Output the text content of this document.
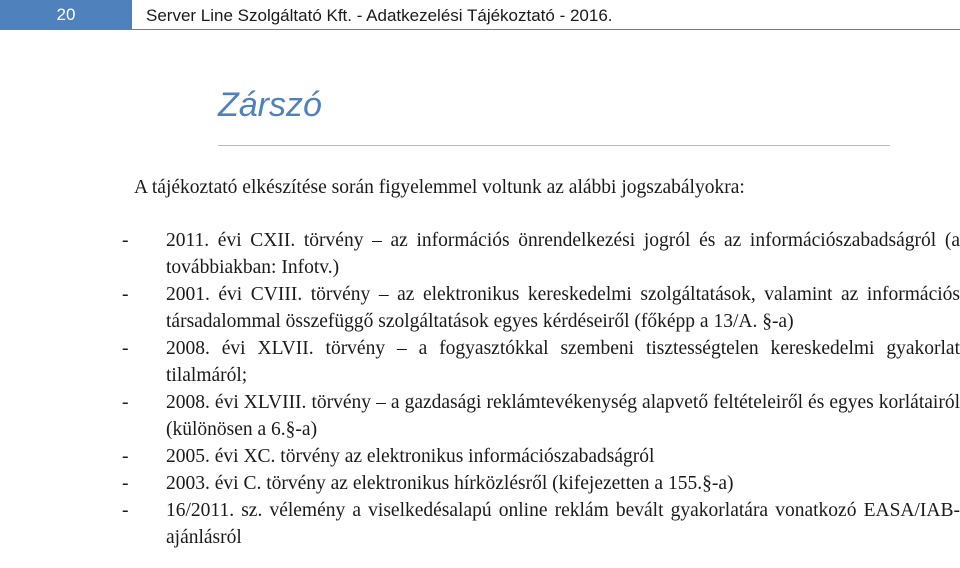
20	Server Line Szolgáltató Kft. - Adatkezelési Tájékoztató - 2016.
Zárszó

A tájékoztató elkészítése során figyelemmel voltunk az alábbi jogszabályokra:

- 2011. évi CXII. törvény – az információs önrendelkezési jogról és az információszabadságról (a továbbiakban: Infotv.)
- 2001. évi CVIII. törvény – az elektronikus kereskedelmi szolgáltatások, valamint az információs társadalommal összefüggő szolgáltatások egyes kérdéseiről (főképp a 13/A. §-a)
- 2008. évi XLVII. törvény – a fogyasztókkal szembeni tisztességtelen kereskedelmi gyakorlat tilalmáról;
- 2008. évi XLVIII. törvény – a gazdasági reklámtevékenység alapvető feltételeiről és egyes korlátairól (különösen a 6.§-a)
- 2005. évi XC. törvény az elektronikus információszabadságról
- 2003. évi C. törvény az elektronikus hírközlésről (kifejezetten a 155.§-a)
- 16/2011. sz. vélemény a viselkedésalapú online reklám bevált gyakorlatára vonatkozó EASA/IAB-ajánlásról
